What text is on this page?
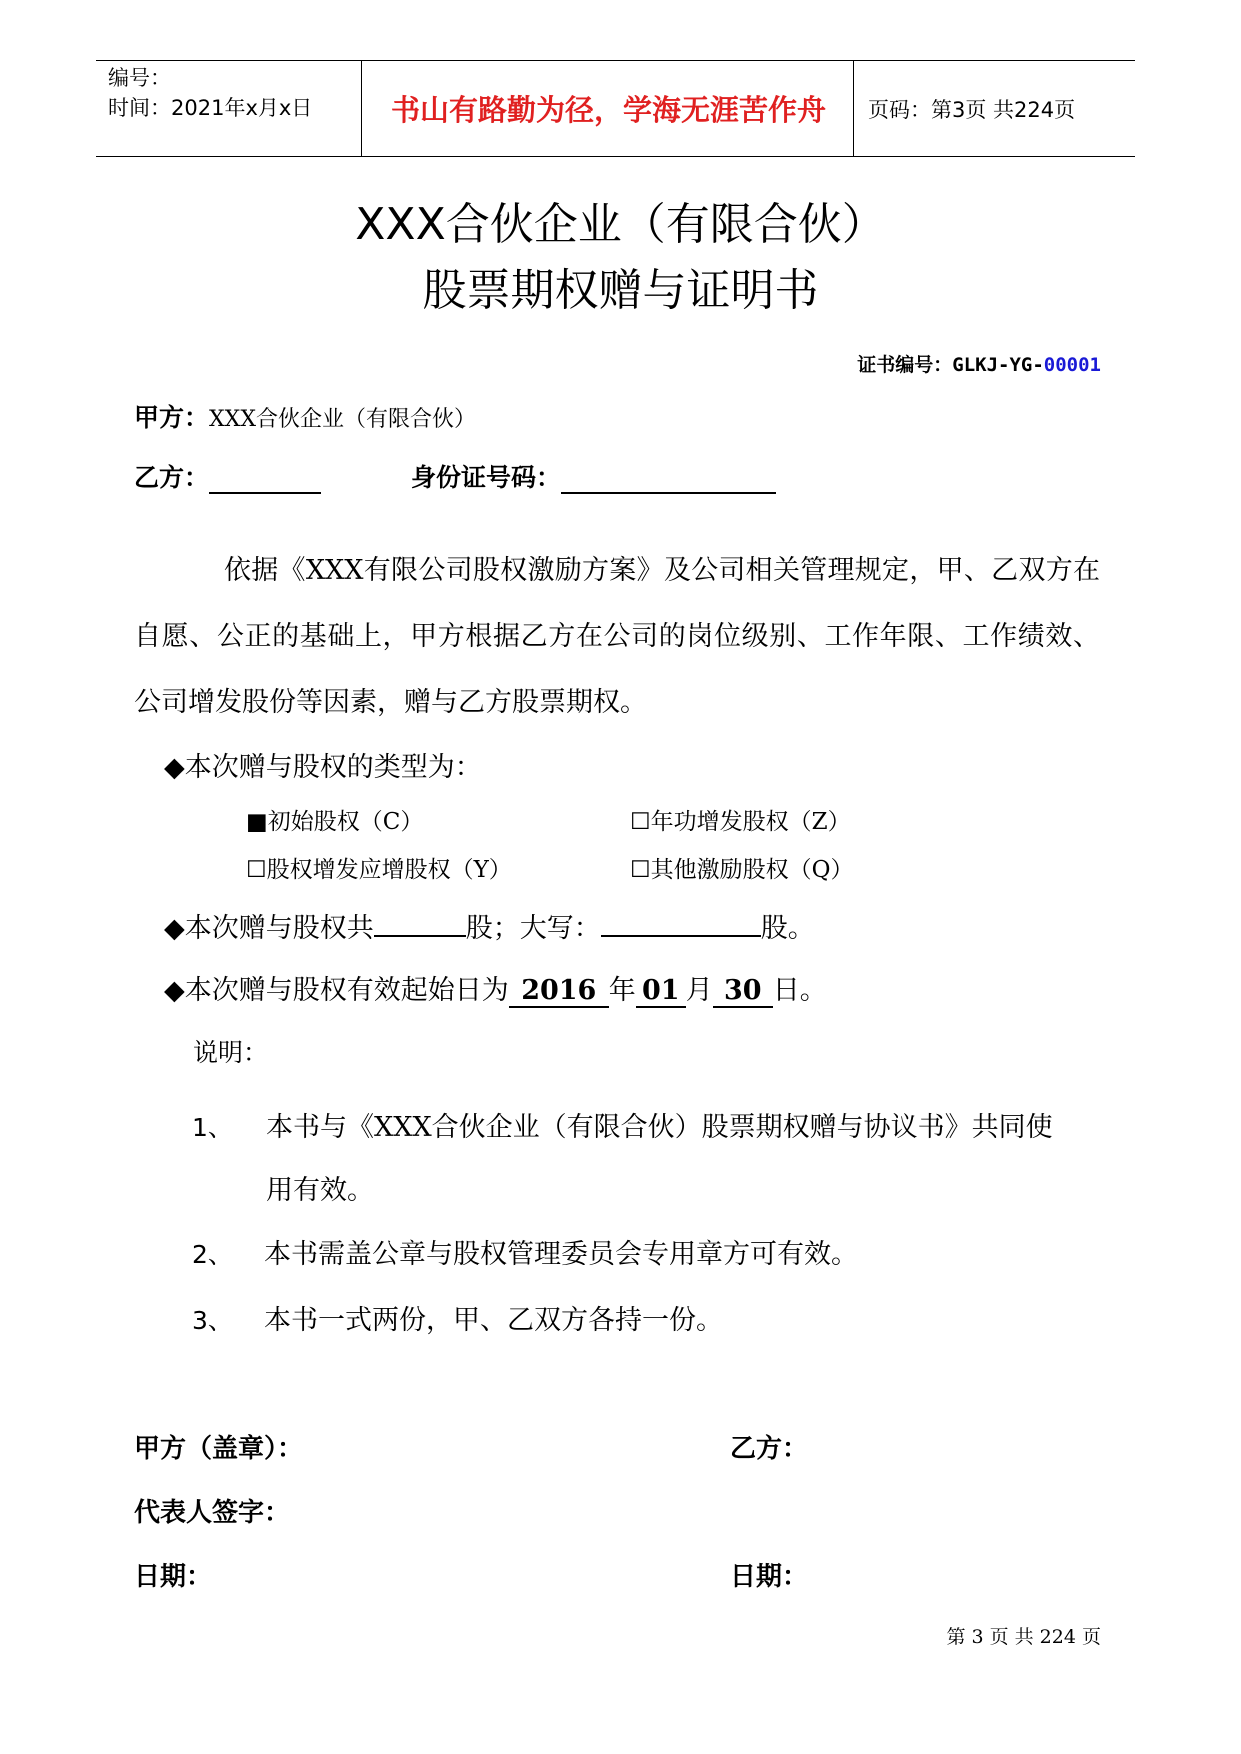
编号：
时间：2021年x月x日	书山有路勤为径，学海无涯苦作舟 页码：第3页 共224页
XXX合伙企业（有限合伙）
股票期权赠与证明书
证书编号：GLKJ-YG-00001
甲方：XXX合伙企业（有限合伙）
乙方：	身份证号码：
依据《XXX有限公司股权激励方案》及公司相关管理规定，甲、乙双方在自愿、公正的基础上，甲方根据乙方在公司的岗位级别、工作年限、工作绩效、公司增发股份等因素，赠与乙方股票期权。
◆本次赠与股权的类型为：
■初始股权（C）	☐年功增发股权（Z）
☐股权增发应增股权（Y）	☐其他激励股权（Q）
◆本次赠与股权共	股；大写：	股。
◆本次赠与股权有效起始日为 2016 年 01 月 30 日。
说明：
1、 本书与《XXX合伙企业（有限合伙）股票期权赠与协议书》共同使
用有效。
2、 本书需盖公章与股权管理委员会专用章方可有效。
3、 本书一式两份，甲、乙双方各持一份。
甲方（盖章）：	乙方：
代表人签字：
日期：	日期：
第 3 页 共 224 页
